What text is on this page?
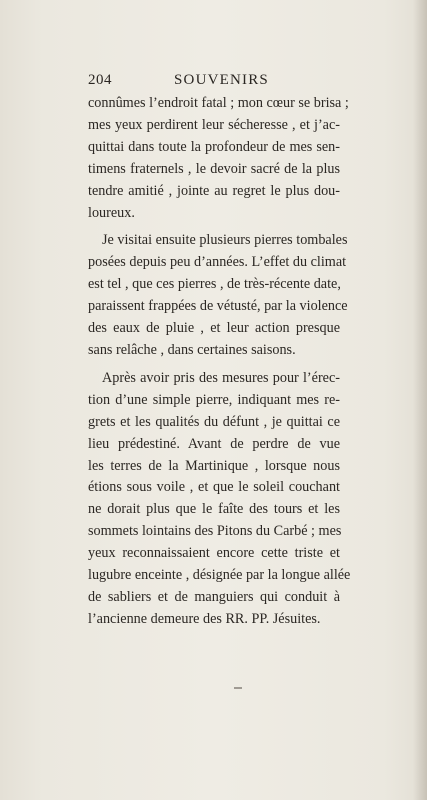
204	SOUVENIRS

connûmes l’endroit fatal ; mon cœur se brisa ;
mes yeux perdirent leur sécheresse , et j’ac-
quittai dans toute la profondeur de mes sen-
timens fraternels , le devoir sacré de la plus
tendre amitié , jointe au regret le plus dou-
loureux.

Je visitai ensuite plusieurs pierres tombales
posées depuis peu d’années. L’effet du climat
est tel , que ces pierres , de très-récente date,
paraissent frappées de vétusté, par la violence
des eaux de pluie , et leur action presque
sans relâche , dans certaines saisons.

Après avoir pris des mesures pour l’érec-
tion d’une simple pierre, indiquant mes re-
grets et les qualités du défunt , je quittai ce
lieu prédestiné. Avant de perdre de vue
les terres de la Martinique , lorsque nous
étions sous voile , et que le soleil couchant
ne dorait plus que le faîte des tours et les
sommets lointains des Pitons du Carbé ; mes
yeux reconnaissaient encore cette triste et
lugubre enceinte , désignée par la longue allée
de sabliers et de manguiers qui conduit à
l’ancienne demeure des RR. PP. Jésuites.
